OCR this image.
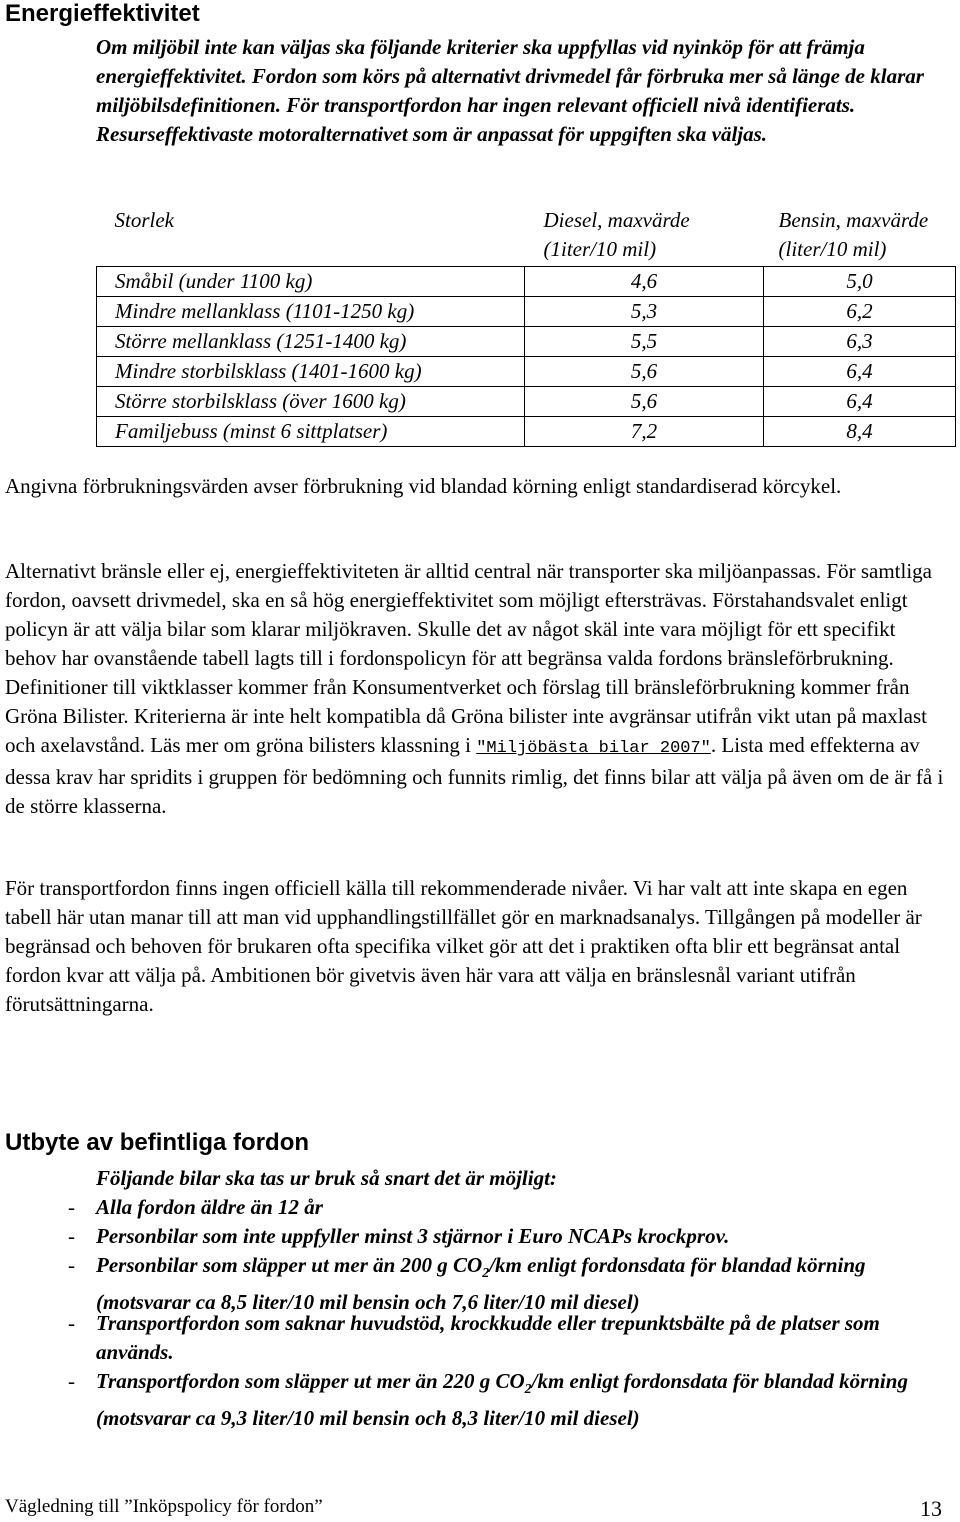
Energieffektivitet

Om miljöbil inte kan väljas ska följande kriterier ska uppfyllas vid nyinköp för att främja energieffektivitet. Fordon som körs på alternativt drivmedel får förbruka mer så länge de klarar miljöbilsdefinitionen. För transportfordon har ingen relevant officiell nivå identifierats. Resurseffektivaste motoralternativet som är anpassat för uppgiften ska väljas.

Storlek	Diesel, maxvärde (1iter/10 mil)	Bensin, maxvärde (liter/10 mil)
Småbil (under 1100 kg)	4,6	5,0
Mindre mellanklass (1101-1250 kg)	5,3	6,2
Större mellanklass (1251-1400 kg)	5,5	6,3
Mindre storbilsklass (1401-1600 kg)	5,6	6,4
Större storbilsklass (över 1600 kg)	5,6	6,4
Familjebuss (minst 6 sittplatser)	7,2	8,4

Angivna förbrukningsvärden avser förbrukning vid blandad körning enligt standardiserad körcykel.

Alternativt bränsle eller ej, energieffektiviteten är alltid central när transporter ska miljöanpassas. För samtliga fordon, oavsett drivmedel, ska en så hög energieffektivitet som möjligt eftersträvas. Förstahandsvalet enligt policyn är att välja bilar som klarar miljökraven. Skulle det av något skäl inte vara möjligt för ett specifikt behov har ovanstående tabell lagts till i fordonspolicyn för att begränsa valda fordons bränsleförbrukning. Definitioner till viktklasser kommer från Konsumentverket och förslag till bränsleförbrukning kommer från Gröna Bilister. Kriterierna är inte helt kompatibla då Gröna bilister inte avgränsar utifrån vikt utan på maxlast och axelavstånd. Läs mer om gröna bilisters klassning i "Miljöbästa bilar 2007". Lista med effekterna av dessa krav har spridits i gruppen för bedömning och funnits rimlig, det finns bilar att välja på även om de är få i de större klasserna.

För transportfordon finns ingen officiell källa till rekommenderade nivåer. Vi har valt att inte skapa en egen tabell här utan manar till att man vid upphandlingstillfället gör en marknadsanalys. Tillgången på modeller är begränsad och behoven för brukaren ofta specifika vilket gör att det i praktiken ofta blir ett begränsat antal fordon kvar att välja på. Ambitionen bör givetvis även här vara att välja en bränslesnål variant utifrån förutsättningarna.

Utbyte av befintliga fordon

Följande bilar ska tas ur bruk så snart det är möjligt:

- Alla fordon äldre än 12 år
- Personbilar som inte uppfyller minst 3 stjärnor i Euro NCAPs krockprov.
- Personbilar som släpper ut mer än 200 g $CO_2/km$ enligt fordonsdata för blandad körning (motsvarar ca 8,5 liter/10 mil bensin och 7,6 liter/10 mil diesel)
- Transportfordon som saknar huvudstöd, krockkudde eller trepunktsbälte på de platser som används.
- Transportfordon som släpper ut mer än 220 g $CO_2/km$ enligt fordonsdata för blandad körning (motsvarar ca 9,3 liter/10 mil bensin och 8,3 liter/10 mil diesel)
Vägledning till ”Inköpspolicy för fordon”	13
